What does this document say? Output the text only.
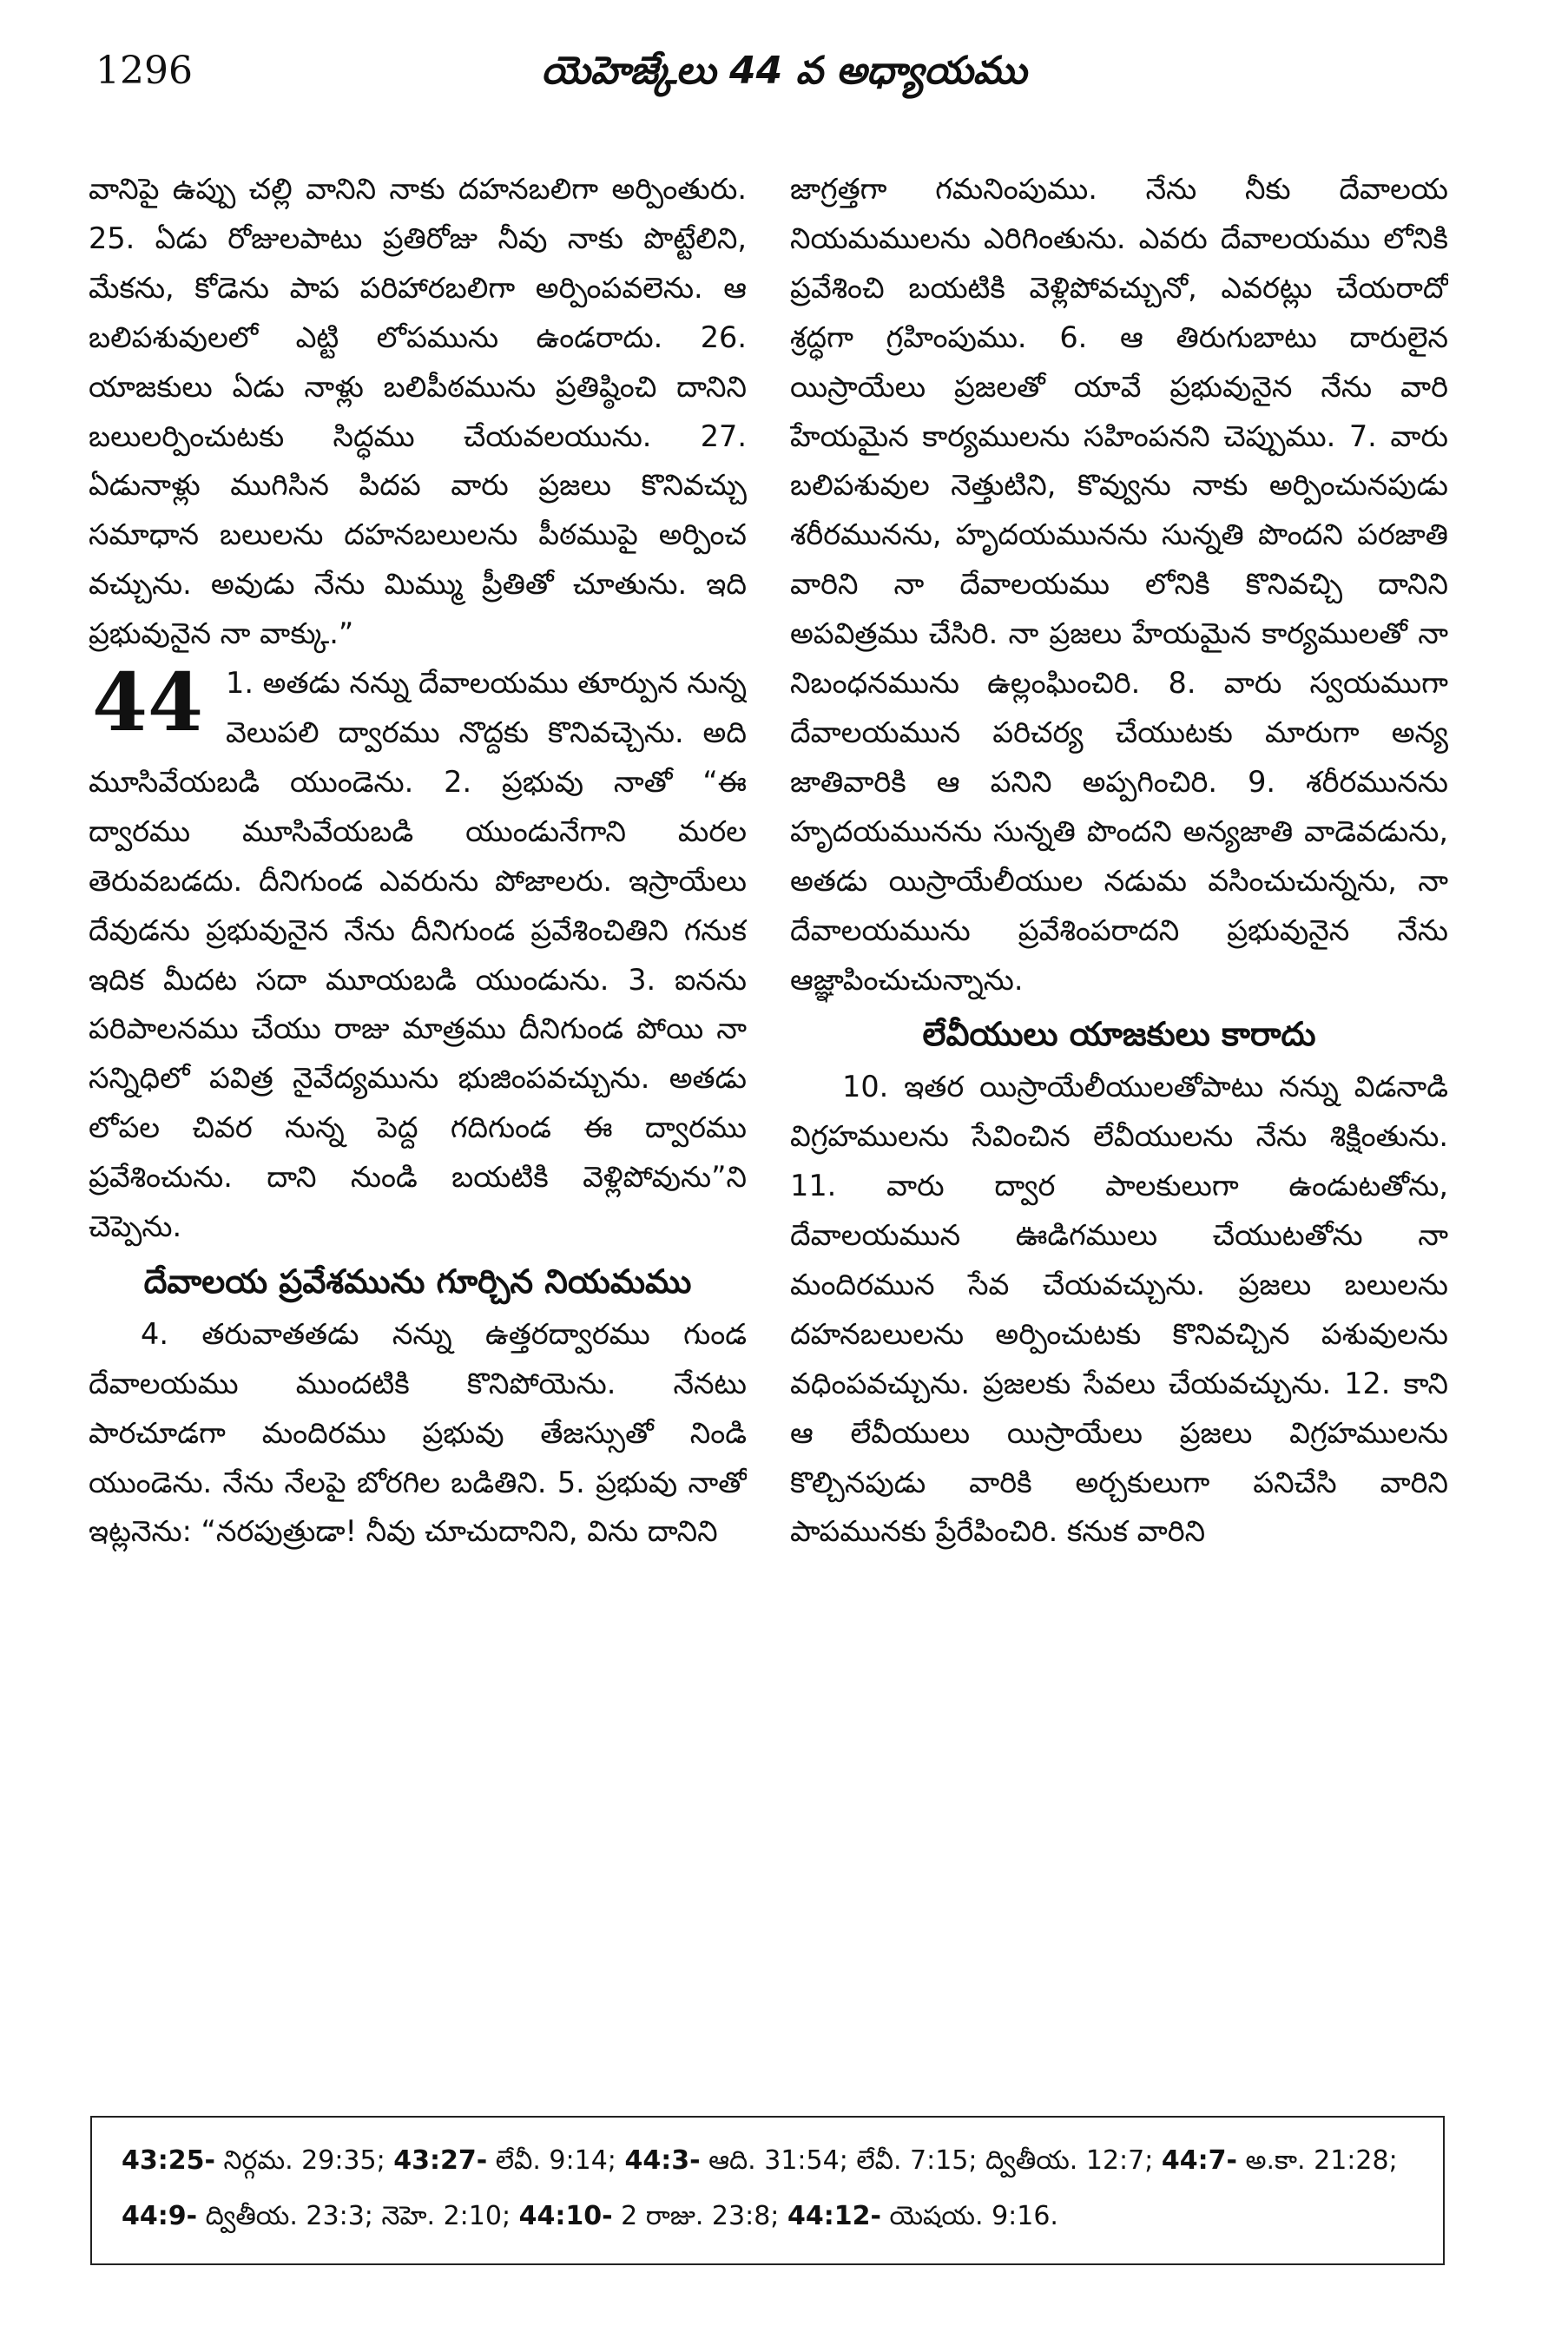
1296	యెహెజ్కేలు 44 వ అధ్యాయము

వానిపై ఉప్పు చల్లి వానిని నాకు దహనబలిగా అర్పింతురు. 25. ఏడు రోజులపాటు ప్రతిరోజు నీవు నాకు పొట్టేలిని, మేకను, కోడెను పాప పరిహారబలిగా అర్పింపవలెను. ఆ బలిపశువులలో ఎట్టి లోపమును ఉండరాదు. 26. యాజకులు ఏడు నాళ్లు బలిపీఠమును ప్రతిష్ఠించి దానిని బలులర్పించుటకు సిద్ధము చేయవలయును. 27. ఏడునాళ్లు ముగిసిన పిదప వారు ప్రజలు కొనివచ్చు సమాధాన బలులను దహనబలులను పీఠముపై అర్పించ వచ్చును. అవుడు నేను మిమ్ము ప్రీతితో చూతును. ఇది ప్రభువునైన నా వాక్కు.”

44 1. అతడు నన్ను దేవాలయము తూర్పున నున్న వెలుపలి ద్వారము నొద్దకు కొనివచ్చెను. అది మూసివేయబడి యుండెను. 2. ప్రభువు నాతో “ఈ ద్వారము మూసివేయబడి యుండునేగాని మరల తెరువబడదు. దీనిగుండ ఎవరును పోజాలరు. ఇస్రాయేలు దేవుడను ప్రభువునైన నేను దీనిగుండ ప్రవేశించితిని గనుక ఇదిక మీదట సదా మూయబడి యుండును. 3. ఐనను పరిపాలనము చేయు రాజు మాత్రము దీనిగుండ పోయి నా సన్నిధిలో పవిత్ర నైవేద్యమును భుజింపవచ్చును. అతడు లోపల చివర నున్న పెద్ద గదిగుండ ఈ ద్వారము ప్రవేశించును. దాని నుండి బయటికి వెళ్లిపోవును”ని చెప్పెను.

దేవాలయ ప్రవేశమును గూర్చిన నియమము

4. తరువాతతడు నన్ను ఉత్తరద్వారము గుండ దేవాలయము ముందటికి కొనిపోయెను. నేనటు పారచూడగా మందిరము ప్రభువు తేజస్సుతో నిండి యుండెను. నేను నేలపై బోరగిల బడితిని. 5. ప్రభువు నాతో ఇట్లనెను: “నరపుత్రుడా! నీవు చూచుదానిని, విను దానిని

జాగ్రత్తగా గమనింపుము. నేను నీకు దేవాలయ నియమములను ఎరిగింతును. ఎవరు దేవాలయము లోనికి ప్రవేశించి బయటికి వెళ్లిపోవచ్చునో, ఎవరట్లు చేయరాదో శ్రద్ధగా గ్రహింపుము. 6. ఆ తిరుగుబాటు దారులైన యిస్రాయేలు ప్రజలతో యావే ప్రభువునైన నేను వారి హేయమైన కార్యములను సహింపనని చెప్పుము. 7. వారు బలిపశువుల నెత్తుటిని, కొవ్వును నాకు అర్పించునపుడు శరీరమునను, హృదయమునను సున్నతి పొందని పరజాతి వారిని నా దేవాలయము లోనికి కొనివచ్చి దానిని అపవిత్రము చేసిరి. నా ప్రజలు హేయమైన కార్యములతో నా నిబంధనమును ఉల్లంఘించిరి. 8. వారు స్వయముగా దేవాలయమున పరిచర్య చేయుటకు మారుగా అన్య జాతివారికి ఆ పనిని అప్పగించిరి. 9. శరీరమునను హృదయమునను సున్నతి పొందని అన్యజాతి వాడెవడును, అతడు యిస్రాయేలీయుల నడుమ వసించుచున్నను, నా దేవాలయమును ప్రవేశింపరాదని ప్రభువునైన నేను ఆజ్ఞాపించుచున్నాను.

లేవీయులు యాజకులు కారాదు

10. ఇతర యిస్రాయేలీయులతోపాటు నన్ను విడనాడి విగ్రహములను సేవించిన లేవీయులను నేను శిక్షింతును. 11. వారు ద్వార పాలకులుగా ఉండుటతోను, దేవాలయమున ఊడిగములు చేయుటతోను నా మందిరమున సేవ చేయవచ్చును. ప్రజలు బలులను దహనబలులను అర్పించుటకు కొనివచ్చిన పశువులను వధింపవచ్చును. ప్రజలకు సేవలు చేయవచ్చును. 12. కాని ఆ లేవీయులు యిస్రాయేలు ప్రజలు విగ్రహములను కొల్చినపుడు వారికి అర్చకులుగా పనిచేసి వారిని పాపమునకు ప్రేరేపించిరి. కనుక వారిని

43:25- నిర్గమ. 29:35; 43:27- లేవీ. 9:14; 44:3- ఆది. 31:54; లేవీ. 7:15; ద్వితీయ. 12:7; 44:7- అ.కా. 21:28; 44:9- ద్వితీయ. 23:3; నెహె. 2:10; 44:10- 2 రాజు. 23:8; 44:12- యెషయ. 9:16.
